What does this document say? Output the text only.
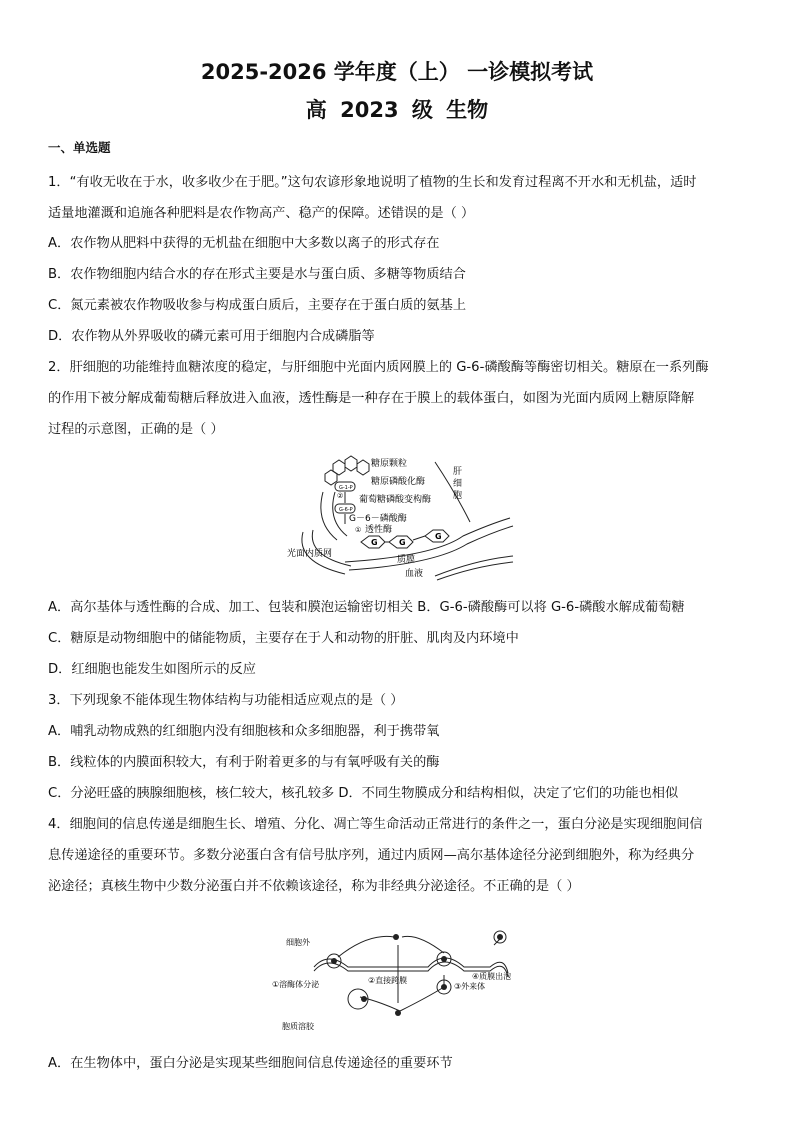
2025-2026 学年度（上） 一诊模拟考试
高 2023 级 生物
一、单选题
1．“有收无收在于水，收多收少在于肥。”这句农谚形象地说明了植物的生长和发育过程离不开水和无机盐，适时
适量地灌溉和追施各种肥料是农作物高产、稳产的保障。述错误的是（ ）
A．农作物从肥料中获得的无机盐在细胞中大多数以离子的形式存在
B．农作物细胞内结合水的存在形式主要是水与蛋白质、多糖等物质结合
C．氮元素被农作物吸收参与构成蛋白质后，主要存在于蛋白质的氨基上
D．农作物从外界吸收的磷元素可用于细胞内合成磷脂等
2．肝细胞的功能维持血糖浓度的稳定，与肝细胞中光面内质网膜上的 G-6-磷酸酶等酶密切相关。糖原在一系列酶
的作用下被分解成葡萄糖后释放进入血液，透性酶是一种存在于膜上的载体蛋白，如图为光面内质网上糖原降解
过程的示意图，正确的是（ ）
G-1-P
G-6-P
G	G
G
糖原颗粒
糖原磷酸化酶
葡萄糖磷酸变构酶
G－6－磷酸酶
透性酶
①
②
光面内质网
质膜
血液
肝
细
胞
A．高尔基体与透性酶的合成、加工、包装和膜泡运输密切相关 B．G-6-磷酸酶可以将 G-6-磷酸水解成葡萄糖
C．糖原是动物细胞中的储能物质，主要存在于人和动物的肝脏、肌肉及内环境中
D．红细胞也能发生如图所示的反应
3．下列现象不能体现生物体结构与功能相适应观点的是（ ）
A．哺乳动物成熟的红细胞内没有细胞核和众多细胞器，利于携带氧
B．线粒体的内膜面积较大，有利于附着更多的与有氧呼吸有关的酶
C．分泌旺盛的胰腺细胞核，核仁较大，核孔较多 D．不同生物膜成分和结构相似，决定了它们的功能也相似
4．细胞间的信息传递是细胞生长、增殖、分化、凋亡等生命活动正常进行的条件之一，蛋白分泌是实现细胞间信
息传递途径的重要环节。多数分泌蛋白含有信号肽序列，通过内质网—高尔基体途径分泌到细胞外，称为经典分
泌途径；真核生物中少数分泌蛋白并不依赖该途径，称为非经典分泌途径。不正确的是（ ）
细胞外
①溶酶体分泌	②直接跨膜
③外来体
④质膜出泡
胞质溶胶
A．在生物体中，蛋白分泌是实现某些细胞间信息传递途径的重要环节
